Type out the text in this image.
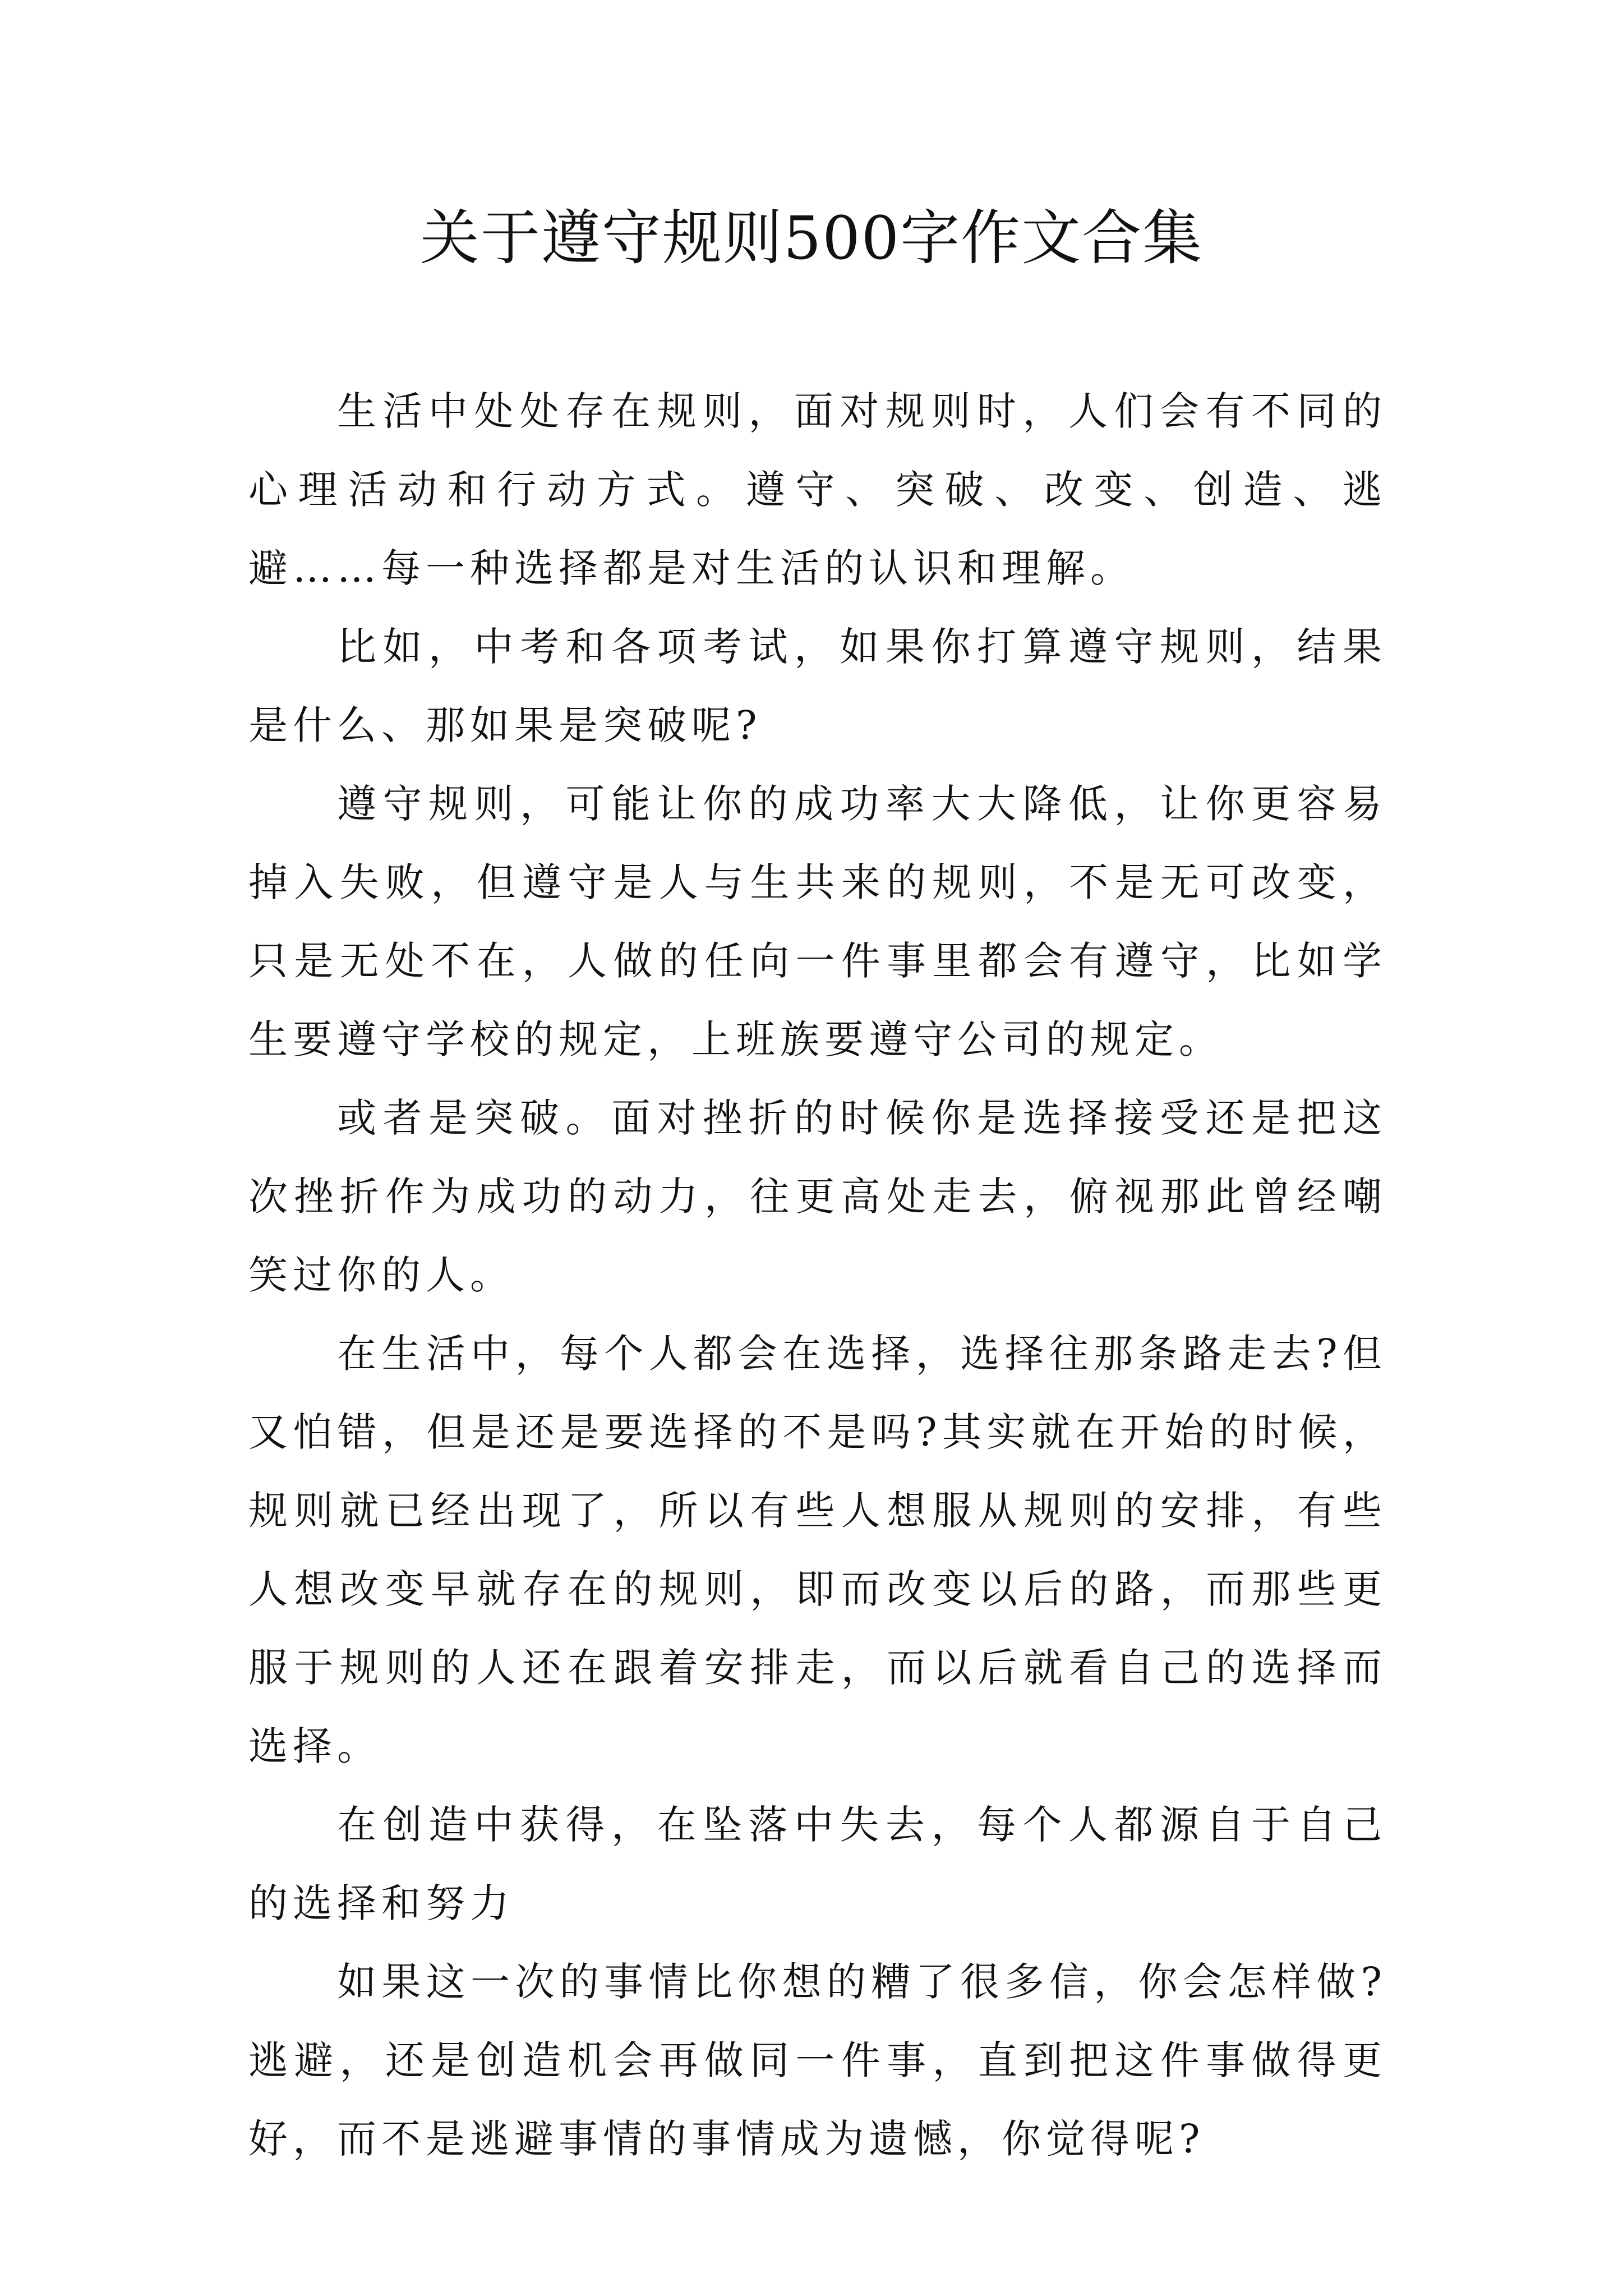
关于遵守规则500字作文合集

生活中处处存在规则，面对规则时，人们会有不同的心理活动和行动方式。遵守、突破、改变、创造、逃避……每一种选择都是对生活的认识和理解。

比如，中考和各项考试，如果你打算遵守规则，结果是什么、那如果是突破呢?

遵守规则，可能让你的成功率大大降低，让你更容易掉入失败，但遵守是人与生共来的规则，不是无可改变，只是无处不在，人做的任向一件事里都会有遵守，比如学生要遵守学校的规定，上班族要遵守公司的规定。

或者是突破。面对挫折的时候你是选择接受还是把这次挫折作为成功的动力，往更高处走去，俯视那此曾经嘲笑过你的人。

在生活中，每个人都会在选择，选择往那条路走去?但又怕错，但是还是要选择的不是吗?其实就在开始的时候，规则就已经出现了，所以有些人想服从规则的安排，有些人想改变早就存在的规则，即而改变以后的路，而那些更服于规则的人还在跟着安排走，而以后就看自己的选择而选择。

在创造中获得，在坠落中失去，每个人都源自于自己的选择和努力

如果这一次的事情比你想的糟了很多信，你会怎样做?逃避，还是创造机会再做同一件事，直到把这件事做得更好，而不是逃避事情的事情成为遗憾，你觉得呢?
